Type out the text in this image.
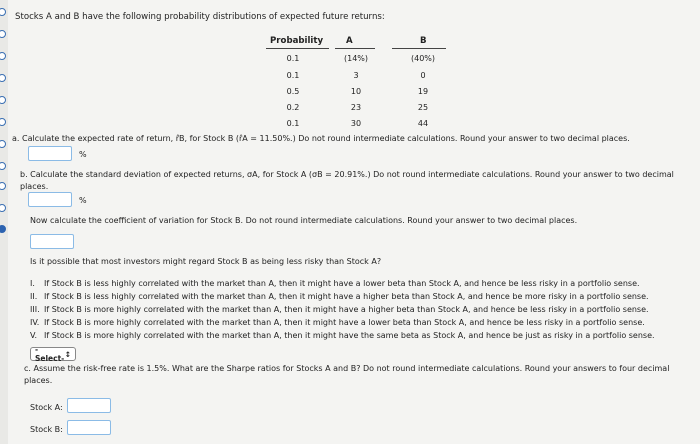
Stocks A and B have the following probability distributions of expected future returns:
Probability	A	B
0.1	(14%)	(40%)
0.1	3	0
0.5	10	19
0.2	23	25
0.1	30	44
a. Calculate the expected rate of return, r̂B, for Stock B (r̂A = 11.50%.) Do not round intermediate calculations. Round your answer to two decimal places.
%
b. Calculate the standard deviation of expected returns, σA, for Stock A (σB = 20.91%.) Do not round intermediate calculations. Round your answer to two decimal places.
%
Now calculate the coefficient of variation for Stock B. Do not round intermediate calculations. Round your answer to two decimal places.
Is it possible that most investors might regard Stock B as being less risky than Stock A?
I. If Stock B is less highly correlated with the market than A, then it might have a lower beta than Stock A, and hence be less risky in a portfolio sense.
II. If Stock B is less highly correlated with the market than A, then it might have a higher beta than Stock A, and hence be more risky in a portfolio sense.
III. If Stock B is more highly correlated with the market than A, then it might have a higher beta than Stock A, and hence be less risky in a portfolio sense.
IV. If Stock B is more highly correlated with the market than A, then it might have a lower beta than Stock A, and hence be less risky in a portfolio sense.
V. If Stock B is more highly correlated with the market than A, then it might have the same beta as Stock A, and hence be just as risky in a portfolio sense.
-Select- ↕
c. Assume the risk-free rate is 1.5%. What are the Sharpe ratios for Stocks A and B? Do not round intermediate calculations. Round your answers to four decimal places.
Stock A:
Stock B:
